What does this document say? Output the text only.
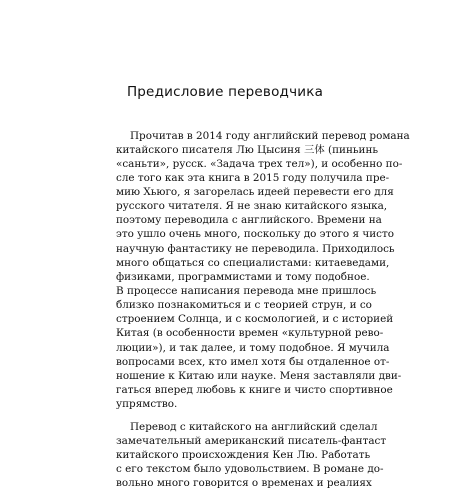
Предисловие переводчика
Прочитав в 2014 году английский перевод романа
китайского писателя Лю Цысиня 三体 (пиньинь
«саньти», русск. «Задача трех тел»), и особенно по-
сле того как эта книга в 2015 году получила пре-
мию Хьюго, я загорелась идеей перевести его для
русского читателя. Я не знаю китайского языка,
поэтому переводила с английского. Времени на
это ушло очень много, поскольку до этого я чисто
научную фантастику не переводила. Приходилось
много общаться со специалистами: китаеведами,
физиками, программистами и тому подобное.
В процессе написания перевода мне пришлось
близко познакомиться и с теорией струн, и со
строением Солнца, и с космологией, и с историей
Китая (в особенности времен «культурной рево-
люции»), и так далее, и тому подобное. Я мучила
вопросами всех, кто имел хотя бы отдаленное от-
ношение к Китаю или науке. Меня заставляли дви-
гаться вперед любовь к книге и чисто спортивное
упрямство.
Перевод с китайского на английский сделал
замечательный американский писатель-фантаст
китайского происхождения Кен Лю. Работать
с его текстом было удовольствием. В романе до-
вольно много говорится о временах и реалиях
